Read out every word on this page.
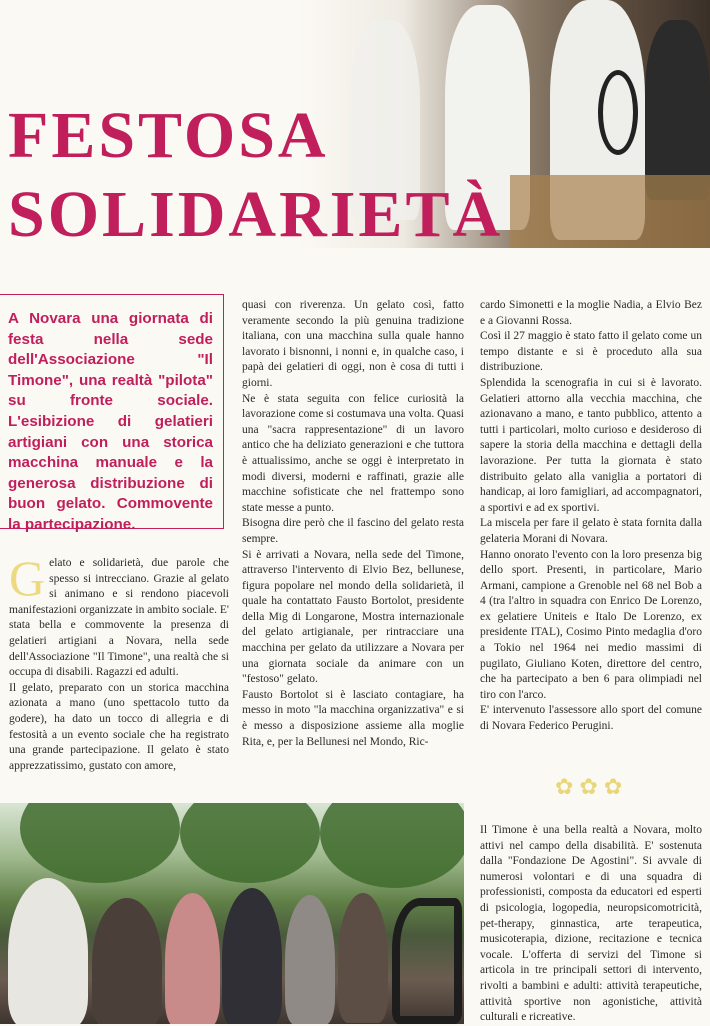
FESTOSA
SOLIDARIETÀ

A Novara una giornata di festa nella sede dell'Associazione "Il Timone", una realtà "pilota" su fronte sociale. L'esibizione di gelatieri artigiani con una storica macchina manuale e la generosa distribuzione di buon gelato. Commovente la partecipazione.

Gelato e solidarietà, due parole che spesso si intrecciano. Grazie al gelato si animano e si rendono piacevoli manifestazioni organizzate in ambito sociale. E' stata bella e commovente la presenza di gelatieri artigiani a Novara, nella sede dell'Associazione "Il Timone", una realtà che si occupa di disabili. Ragazzi ed adulti.

Il gelato, preparato con un storica macchina azionata a mano (uno spettacolo tutto da godere), ha dato un tocco di allegria e di festosità a un evento sociale che ha registrato una grande partecipazione. Il gelato è stato apprezzatissimo, gustato con amore,

quasi con riverenza. Un gelato così, fatto veramente secondo la più genuina tradizione italiana, con una macchina sulla quale hanno lavorato i bisnonni, i nonni e, in qualche caso, i papà dei gelatieri di oggi, non è cosa di tutti i giorni.

Ne è stata seguita con felice curiosità la lavorazione come si costumava una volta. Quasi una "sacra rappresentazione" di un lavoro antico che ha deliziato generazioni e che tuttora è attualissimo, anche se oggi è interpretato in modi diversi, moderni e raffinati, grazie alle macchine sofisticate che nel frattempo sono state messe a punto.

Bisogna dire però che il fascino del gelato resta sempre.

Si è arrivati a Novara, nella sede del Timone, attraverso l'intervento di Elvio Bez, bellunese, figura popolare nel mondo della solidarietà, il quale ha contattato Fausto Bortolot, presidente della Mig di Longarone, Mostra internazionale del gelato artigianale, per rintracciare una macchina per gelato da utilizzare a Novara per una giornata sociale da animare con un "festoso" gelato.

Fausto Bortolot si è lasciato contagiare, ha messo in moto "la macchina organizzativa" e si è messo a disposizione assieme alla moglie Rita, e, per la Bellunesi nel Mondo, Ric-

cardo Simonetti e la moglie Nadia, a Elvio Bez e a Giovanni Rossa.

Così il 27 maggio è stato fatto il gelato come un tempo distante e si è proceduto alla sua distribuzione.

Splendida la scenografia in cui si è lavorato. Gelatieri attorno alla vecchia macchina, che azionavano a mano, e tanto pubblico, attento a tutti i particolari, molto curioso e desideroso di sapere la storia della macchina e dettagli della lavorazione. Per tutta la giornata è stato distribuito gelato alla vaniglia a portatori di handicap, ai loro famigliari, ad accompagnatori, a sportivi e ad ex sportivi.

La miscela per fare il gelato è stata fornita dalla gelateria Morani di Novara.

Hanno onorato l'evento con la loro presenza big dello sport. Presenti, in particolare, Mario Armani, campione a Grenoble nel 68 nel Bob a 4 (tra l'altro in squadra con Enrico De Lorenzo, ex gelatiere Uniteis e Italo De Lorenzo, ex presidente ITAL), Cosimo Pinto medaglia d'oro a Tokio nel 1964 nei medio massimi di pugilato, Giuliano Koten, direttore del centro, che ha partecipato a ben 6 para olimpiadi nel tiro con l'arco.

E' intervenuto l'assessore allo sport del comune di Novara Federico Perugini.

✿✿✿

Il Timone è una bella realtà a Novara, molto attivi nel campo della disabilità. E' sostenuta dalla "Fondazione De Agostini". Si avvale di numerosi volontari e di una squadra di professionisti, composta da educatori ed esperti di psicologia, logopedia, neuropsicomotricità, pet-therapy, ginnastica, arte terapeutica, musicoterapia, dizione, recitazione e tecnica vocale. L'offerta di servizi del Timone si articola in tre principali settori di intervento, rivolti a bambini e adulti: attività terapeutiche, attività sportive non agonistiche, attività culturali e ricreative.
